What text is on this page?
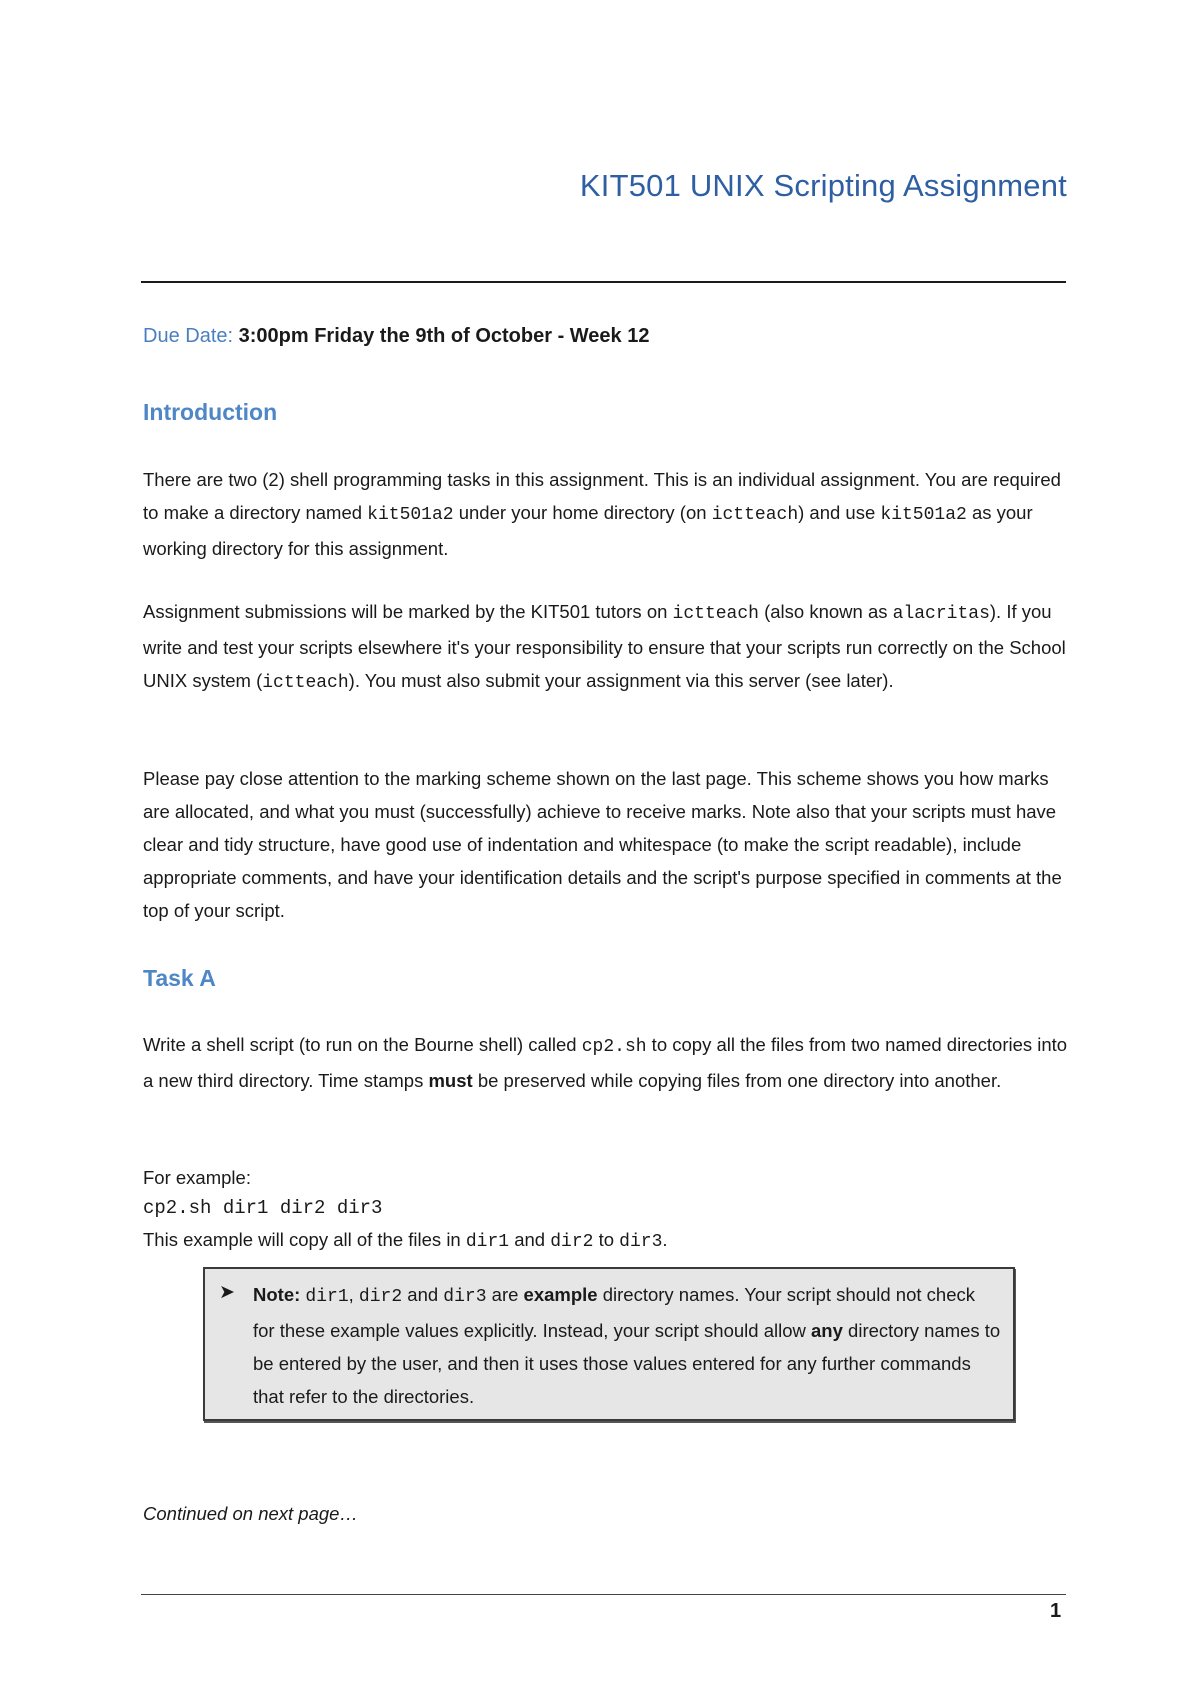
KIT501 UNIX Scripting Assignment

Due Date: 3:00pm Friday the 9th of October - Week 12

Introduction

There are two (2) shell programming tasks in this assignment. This is an individual assignment. You are required to make a directory named kit501a2 under your home directory (on ictteach) and use kit501a2 as your working directory for this assignment.

Assignment submissions will be marked by the KIT501 tutors on ictteach (also known as alacritas). If you write and test your scripts elsewhere it's your responsibility to ensure that your scripts run correctly on the School UNIX system (ictteach). You must also submit your assignment via this server (see later).

Please pay close attention to the marking scheme shown on the last page. This scheme shows you how marks are allocated, and what you must (successfully) achieve to receive marks. Note also that your scripts must have clear and tidy structure, have good use of indentation and whitespace (to make the script readable), include appropriate comments, and have your identification details and the script's purpose specified in comments at the top of your script.

Task A

Write a shell script (to run on the Bourne shell) called cp2.sh to copy all the files from two named directories into a new third directory. Time stamps must be preserved while copying files from one directory into another.

For example:

cp2.sh dir1 dir2 dir3

This example will copy all of the files in dir1 and dir2 to dir3.

➤ Note: dir1, dir2 and dir3 are example directory names. Your script should not check for these example values explicitly. Instead, your script should allow any directory names to be entered by the user, and then it uses those values entered for any further commands that refer to the directories.

Continued on next page…

1
